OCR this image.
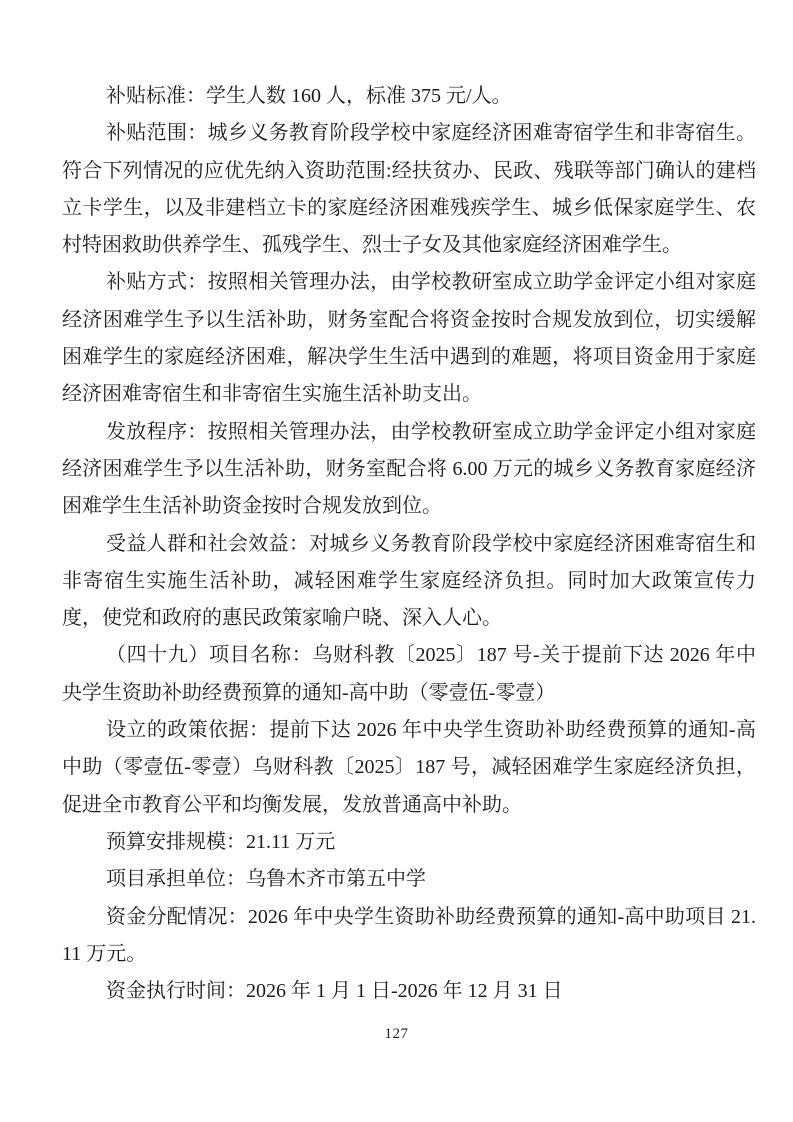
补贴标准：学生人数 160 人，标准 375 元/人。

补贴范围：城乡义务教育阶段学校中家庭经济困难寄宿学生和非寄宿生。符合下列情况的应优先纳入资助范围:经扶贫办、民政、残联等部门确认的建档立卡学生，以及非建档立卡的家庭经济困难残疾学生、城乡低保家庭学生、农村特困救助供养学生、孤残学生、烈士子女及其他家庭经济困难学生。

补贴方式：按照相关管理办法，由学校教研室成立助学金评定小组对家庭经济困难学生予以生活补助，财务室配合将资金按时合规发放到位，切实缓解困难学生的家庭经济困难，解决学生生活中遇到的难题，将项目资金用于家庭经济困难寄宿生和非寄宿生实施生活补助支出。

发放程序：按照相关管理办法，由学校教研室成立助学金评定小组对家庭经济困难学生予以生活补助，财务室配合将 6.00 万元的城乡义务教育家庭经济困难学生生活补助资金按时合规发放到位。

受益人群和社会效益：对城乡义务教育阶段学校中家庭经济困难寄宿生和非寄宿生实施生活补助，减轻困难学生家庭经济负担。同时加大政策宣传力度，使党和政府的惠民政策家喻户晓、深入人心。

（四十九）项目名称：乌财科教〔2025〕187 号-关于提前下达 2026 年中央学生资助补助经费预算的通知-高中助（零壹伍-零壹）

设立的政策依据：提前下达 2026 年中央学生资助补助经费预算的通知-高中助（零壹伍-零壹）乌财科教〔2025〕187 号，减轻困难学生家庭经济负担，促进全市教育公平和均衡发展，发放普通高中补助。

预算安排规模：21.11 万元

项目承担单位：乌鲁木齐市第五中学

资金分配情况：2026 年中央学生资助补助经费预算的通知-高中助项目 21.11 万元。

资金执行时间：2026 年 1 月 1 日-2026 年 12 月 31 日

127
